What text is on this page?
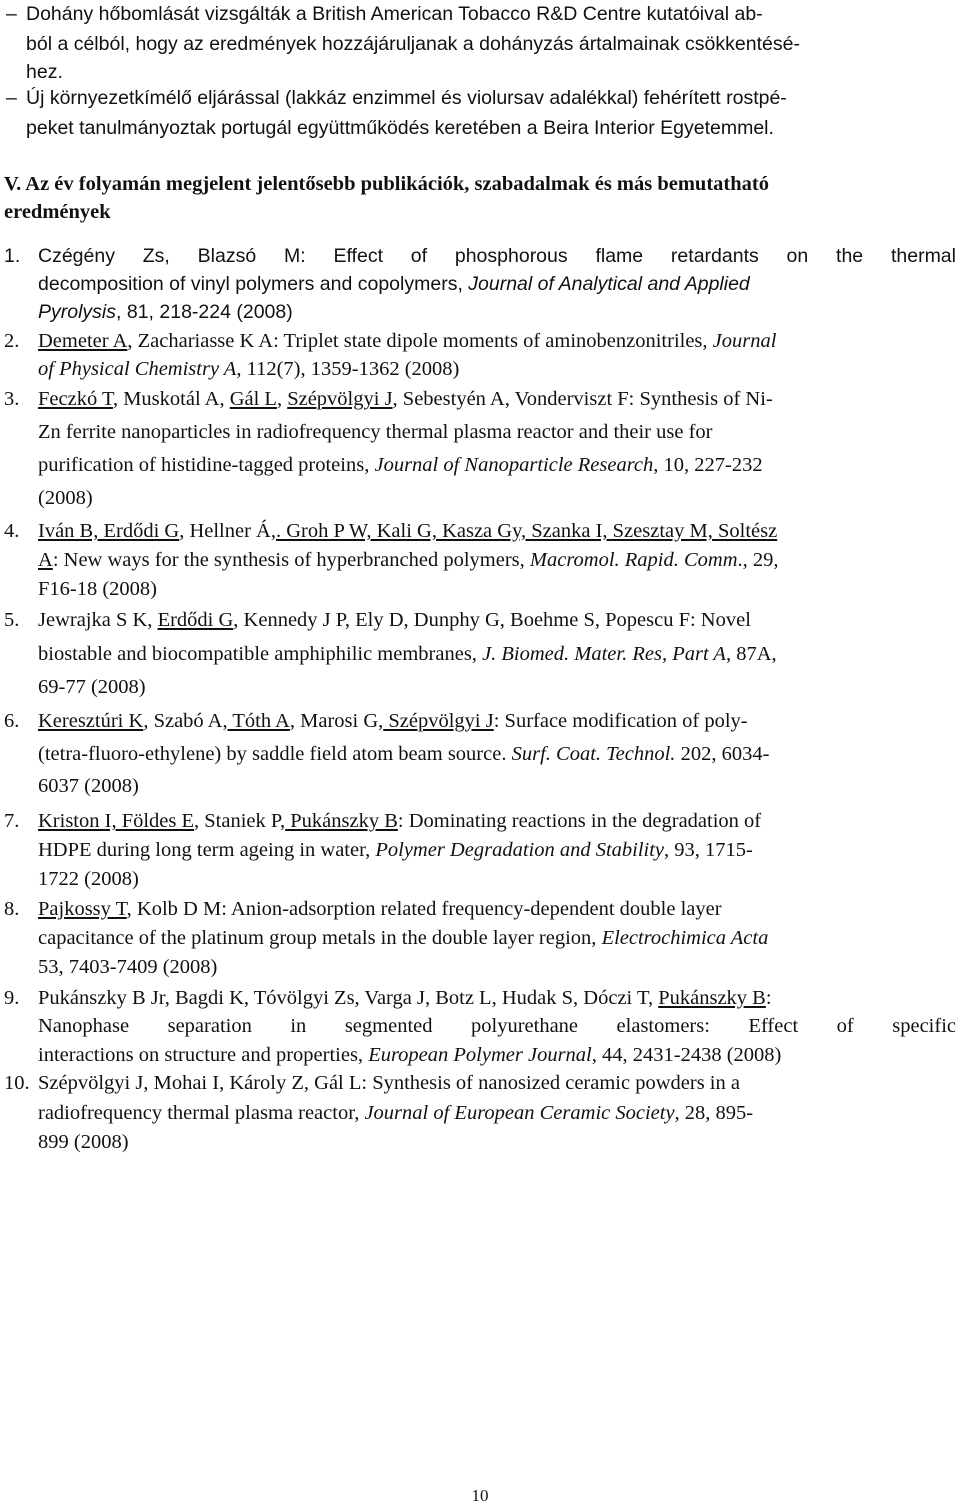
– Dohány hőbomlását vizsgálták a British American Tobacco R&D Centre kutatóival ab-
ból a célból, hogy az eredmények hozzájáruljanak a dohányzás ártalmainak csökkentésé-
hez.
– Új környezetkímélő eljárással (lakkáz enzimmel és violursav adalékkal) fehérített rostpé-
peket tanulmányoztak portugál együttműködés keretében a Beira Interior Egyetemmel.
V. Az év folyamán megjelent jelentősebb publikációk, szabadalmak és más bemutatható
eredmények
1. Czégény Zs, Blazsó M: Effect of phosphorous flame retardants on the thermal
decomposition of vinyl polymers and copolymers, Journal of Analytical and Applied
Pyrolysis, 81, 218-224 (2008)
2. Demeter A, Zachariasse K A: Triplet state dipole moments of aminobenzonitriles, Journal
of Physical Chemistry A, 112(7), 1359-1362 (2008)
3. Feczkó T, Muskotál A, Gál L, Szépvölgyi J, Sebestyén A, Vonderviszt F: Synthesis of Ni-
Zn ferrite nanoparticles in radiofrequency thermal plasma reactor and their use for
purification of histidine-tagged proteins, Journal of Nanoparticle Research, 10, 227-232
(2008)
4. Iván B, Erdődi G, Hellner Á,. Groh P W, Kali G, Kasza Gy, Szanka I, Szesztay M, Soltész
A: New ways for the synthesis of hyperbranched polymers, Macromol. Rapid. Comm., 29,
F16-18 (2008)
5. Jewrajka S K, Erdődi G, Kennedy J P, Ely D, Dunphy G, Boehme S, Popescu F: Novel
biostable and biocompatible amphiphilic membranes, J. Biomed. Mater. Res, Part A, 87A,
69-77 (2008)
6. Keresztúri K, Szabó A, Tóth A, Marosi G, Szépvölgyi J: Surface modification of poly-
(tetra-fluoro-ethylene) by saddle field atom beam source. Surf. Coat. Technol. 202, 6034-
6037 (2008)
7. Kriston I, Földes E, Staniek P, Pukánszky B: Dominating reactions in the degradation of
HDPE during long term ageing in water, Polymer Degradation and Stability, 93, 1715-
1722 (2008)
8. Pajkossy T, Kolb D M: Anion-adsorption related frequency-dependent double layer
capacitance of the platinum group metals in the double layer region, Electrochimica Acta
53, 7403-7409 (2008)
9. Pukánszky B Jr, Bagdi K, Tóvölgyi Zs, Varga J, Botz L, Hudak S, Dóczi T, Pukánszky B:
Nanophase separation in segmented polyurethane elastomers: Effect of specific
interactions on structure and properties, European Polymer Journal, 44, 2431-2438 (2008)
10. Szépvölgyi J, Mohai I, Károly Z, Gál L: Synthesis of nanosized ceramic powders in a
radiofrequency thermal plasma reactor, Journal of European Ceramic Society, 28, 895-
899 (2008)
10
